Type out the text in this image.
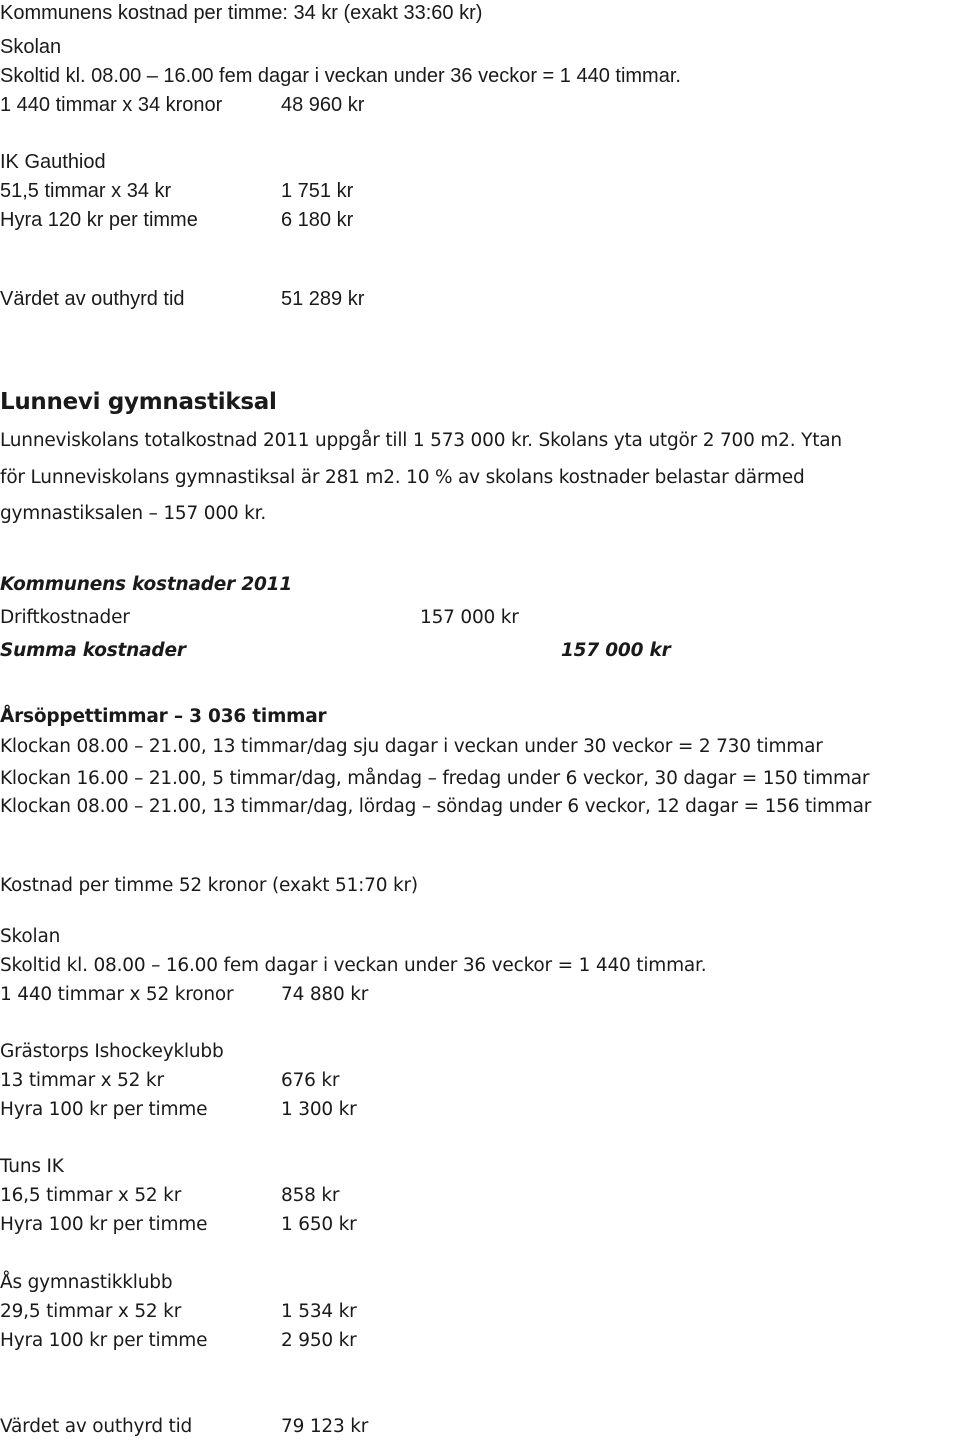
Kommunens kostnad per timme: 34 kr (exakt 33:60 kr)
Skolan
Skoltid kl. 08.00 – 16.00 fem dagar i veckan under 36 veckor = 1 440 timmar.
1 440 timmar x 34 kronor	48 960 kr
IK Gauthiod
51,5 timmar x 34 kr	1 751 kr
Hyra 120 kr per timme	6 180 kr
Värdet av outhyrd tid	51 289 kr
Lunnevi gymnastiksal
Lunneviskolans totalkostnad 2011 uppgår till 1 573 000 kr. Skolans yta utgör 2 700 m2. Ytan
för Lunneviskolans gymnastiksal är 281 m2. 10 % av skolans kostnader belastar därmed
gymnastiksalen – 157 000 kr.
Kommunens kostnader 2011
Driftkostnader	157 000 kr
Summa kostnader	157 000 kr
Årsöppettimmar – 3 036 timmar
Klockan 08.00 – 21.00, 13 timmar/dag sju dagar i veckan under 30 veckor = 2 730 timmar
Klockan 16.00 – 21.00, 5 timmar/dag, måndag – fredag under 6 veckor, 30 dagar = 150 timmar
Klockan 08.00 – 21.00, 13 timmar/dag, lördag – söndag under 6 veckor, 12 dagar = 156 timmar
Kostnad per timme 52 kronor (exakt 51:70 kr)
Skolan
Skoltid kl. 08.00 – 16.00 fem dagar i veckan under 36 veckor = 1 440 timmar.
1 440 timmar x 52 kronor	74 880 kr
Grästorps Ishockeyklubb
13 timmar x 52 kr	676 kr
Hyra 100 kr per timme	1 300 kr
Tuns IK
16,5 timmar x 52 kr	858 kr
Hyra 100 kr per timme	1 650 kr
Ås gymnastikklubb
29,5 timmar x 52 kr	1 534 kr
Hyra 100 kr per timme	2 950 kr
Värdet av outhyrd tid	79 123 kr
